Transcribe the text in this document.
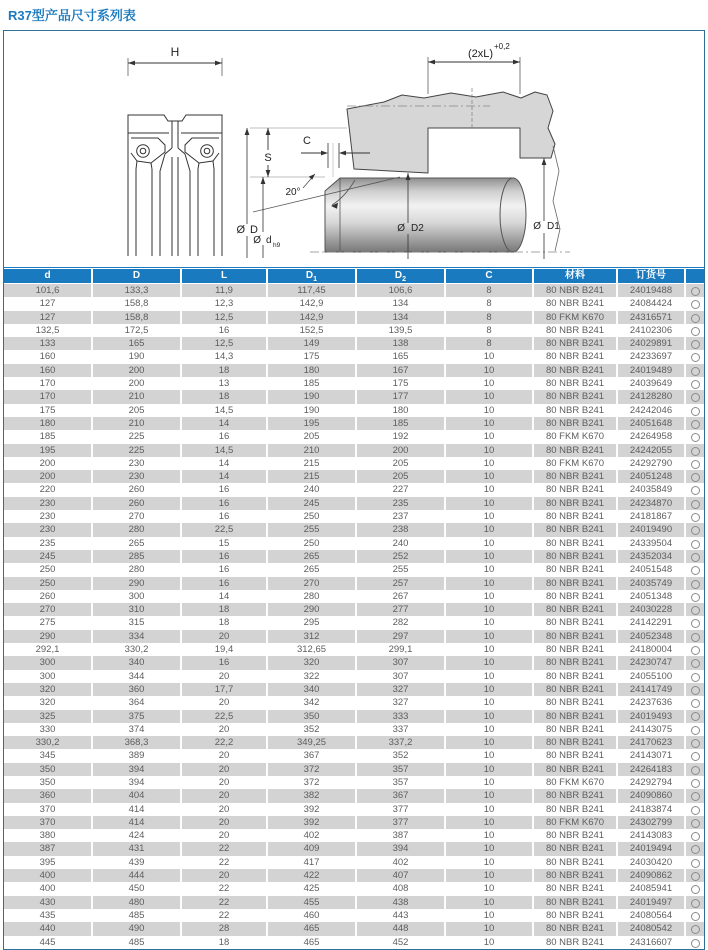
R37型产品尺寸系列表
H	(2xL)
+0,2
S
C
20°
Ø D
Ø d h9
Ø D2	Ø D1
d	D	L	$D_1$	$D_2$	C	材料	订货号
101,6	133,3	11,9	117,45	106,6	8	80 NBR B241	24019488
127	158,8	12,3	142,9	134	8	80 NBR B241	24084424
127	158,8	12,5	142,9	134	8	80 FKM K670	24316571
132,5	172,5	16	152,5	139,5	8	80 NBR B241	24102306
133	165	12,5	149	138	8	80 NBR B241	24029891
160	190	14,3	175	165	10	80 NBR B241	24233697
160	200	18	180	167	10	80 NBR B241	24019489
170	200	13	185	175	10	80 NBR B241	24039649
170	210	18	190	177	10	80 NBR B241	24128280
175	205	14,5	190	180	10	80 NBR B241	24242046
180	210	14	195	185	10	80 NBR B241	24051648
185	225	16	205	192	10	80 FKM K670	24264958
195	225	14,5	210	200	10	80 NBR B241	24242055
200	230	14	215	205	10	80 FKM K670	24292790
200	230	14	215	205	10	80 NBR B241	24051248
220	260	16	240	227	10	80 NBR B241	24035849
230	260	16	245	235	10	80 NBR B241	24234870
230	270	16	250	237	10	80 NBR B241	24181867
230	280	22,5	255	238	10	80 NBR B241	24019490
235	265	15	250	240	10	80 NBR B241	24339504
245	285	16	265	252	10	80 NBR B241	24352034
250	280	16	265	255	10	80 NBR B241	24051548
250	290	16	270	257	10	80 NBR B241	24035749
260	300	14	280	267	10	80 NBR B241	24051348
270	310	18	290	277	10	80 NBR B241	24030228
275	315	18	295	282	10	80 NBR B241	24142291
290	334	20	312	297	10	80 NBR B241	24052348
292,1	330,2	19,4	312,65	299,1	10	80 NBR B241	24180004
300	340	16	320	307	10	80 NBR B241	24230747
300	344	20	322	307	10	80 NBR B241	24055100
320	360	17,7	340	327	10	80 NBR B241	24141749
320	364	20	342	327	10	80 NBR B241	24237636
325	375	22,5	350	333	10	80 NBR B241	24019493
330	374	20	352	337	10	80 NBR B241	24143075
330,2	368,3	22,2	349,25	337,2	10	80 NBR B241	24170623
345	389	20	367	352	10	80 NBR B241	24143071
350	394	20	372	357	10	80 NBR B241	24264183
350	394	20	372	357	10	80 FKM K670	24292794
360	404	20	382	367	10	80 NBR B241	24090860
370	414	20	392	377	10	80 NBR B241	24183874
370	414	20	392	377	10	80 FKM K670	24302799
380	424	20	402	387	10	80 NBR B241	24143083
387	431	22	409	394	10	80 NBR B241	24019494
395	439	22	417	402	10	80 NBR B241	24030420
400	444	20	422	407	10	80 NBR B241	24090862
400	450	22	425	408	10	80 NBR B241	24085941
430	480	22	455	438	10	80 NBR B241	24019497
435	485	22	460	443	10	80 NBR B241	24080564
440	490	28	465	448	10	80 NBR B241	24080542
445	485	18	465	452	10	80 NBR B241	24316607
